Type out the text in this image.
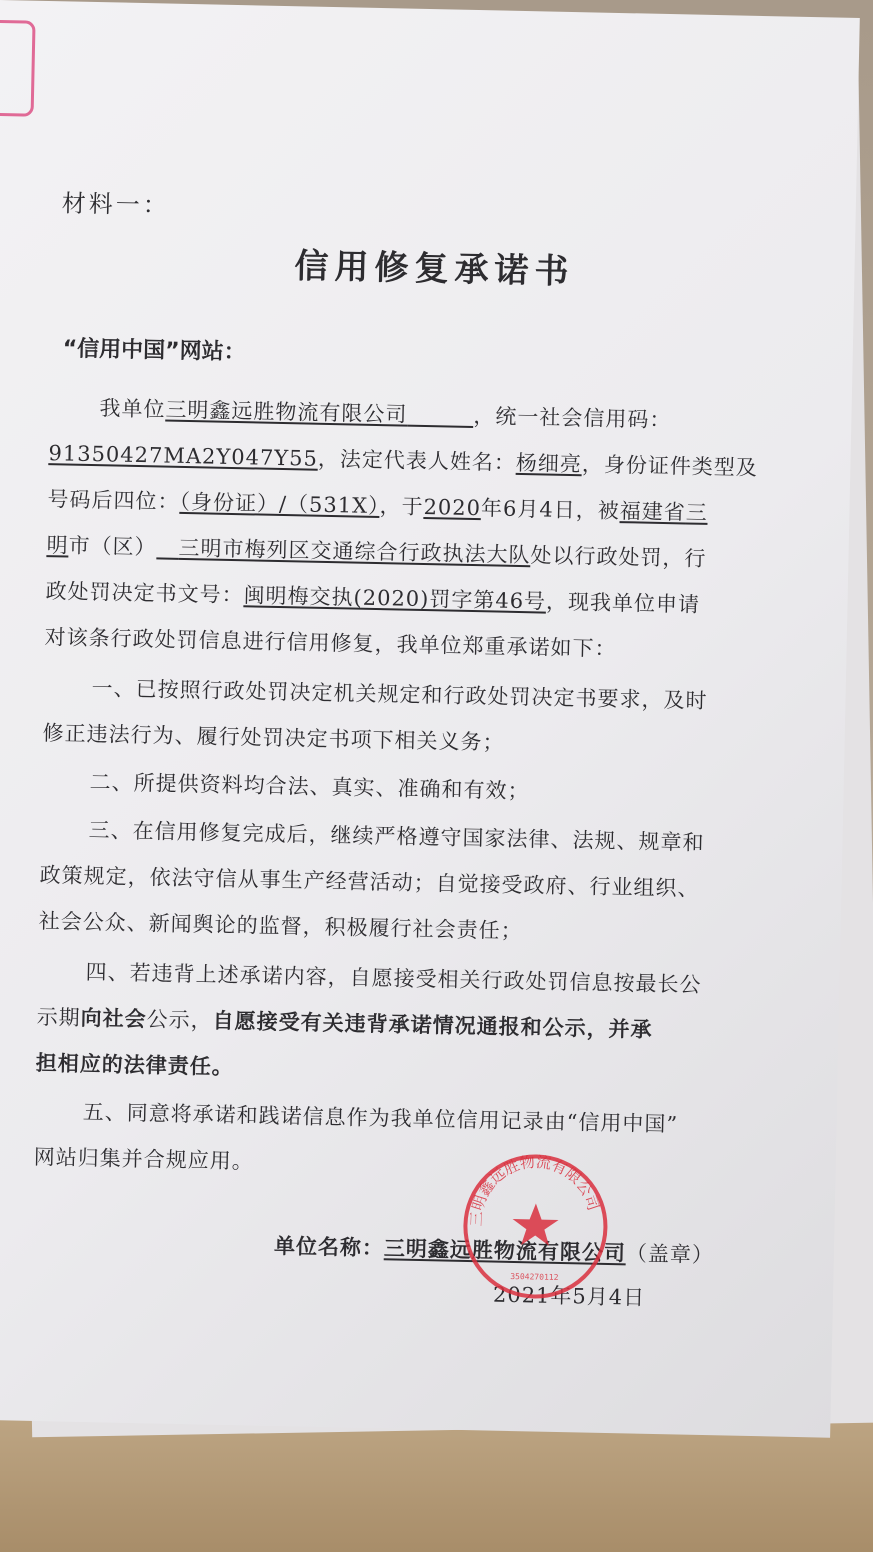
材料一：
信用修复承诺书
“信用中国”网站：
我单位三明鑫远胜物流有限公司   	，统一社会信用码：
91350427MA2Y047Y55，法定代表人姓名：杨细亮，身份证件类型及
号码后四位：（身份证）/（531X），于2020年6月4日，被福建省三
明市（区）  三明市梅列区交通综合行政执法大队处以行政处罚，行
政处罚决定书文号：闽明梅交执(2020)罚字第46号，现我单位申请
对该条行政处罚信息进行信用修复，我单位郑重承诺如下：
一、已按照行政处罚决定机关规定和行政处罚决定书要求，及时
修正违法行为、履行处罚决定书项下相关义务；
二、所提供资料均合法、真实、准确和有效；
三、在信用修复完成后，继续严格遵守国家法律、法规、规章和
政策规定，依法守信从事生产经营活动；自觉接受政府、行业组织、
社会公众、新闻舆论的监督，积极履行社会责任；
四、若违背上述承诺内容，自愿接受相关行政处罚信息按最长公
示期向社会公示，自愿接受有关违背承诺情况通报和公示，并承
担相应的法律责任。
五、同意将承诺和践诺信息作为我单位信用记录由“信用中国”
网站归集并合规应用。
单位名称：三明鑫远胜物流有限公司（盖章）
2021年5月4日
三明鑫远胜物流有限公司
3504270112
